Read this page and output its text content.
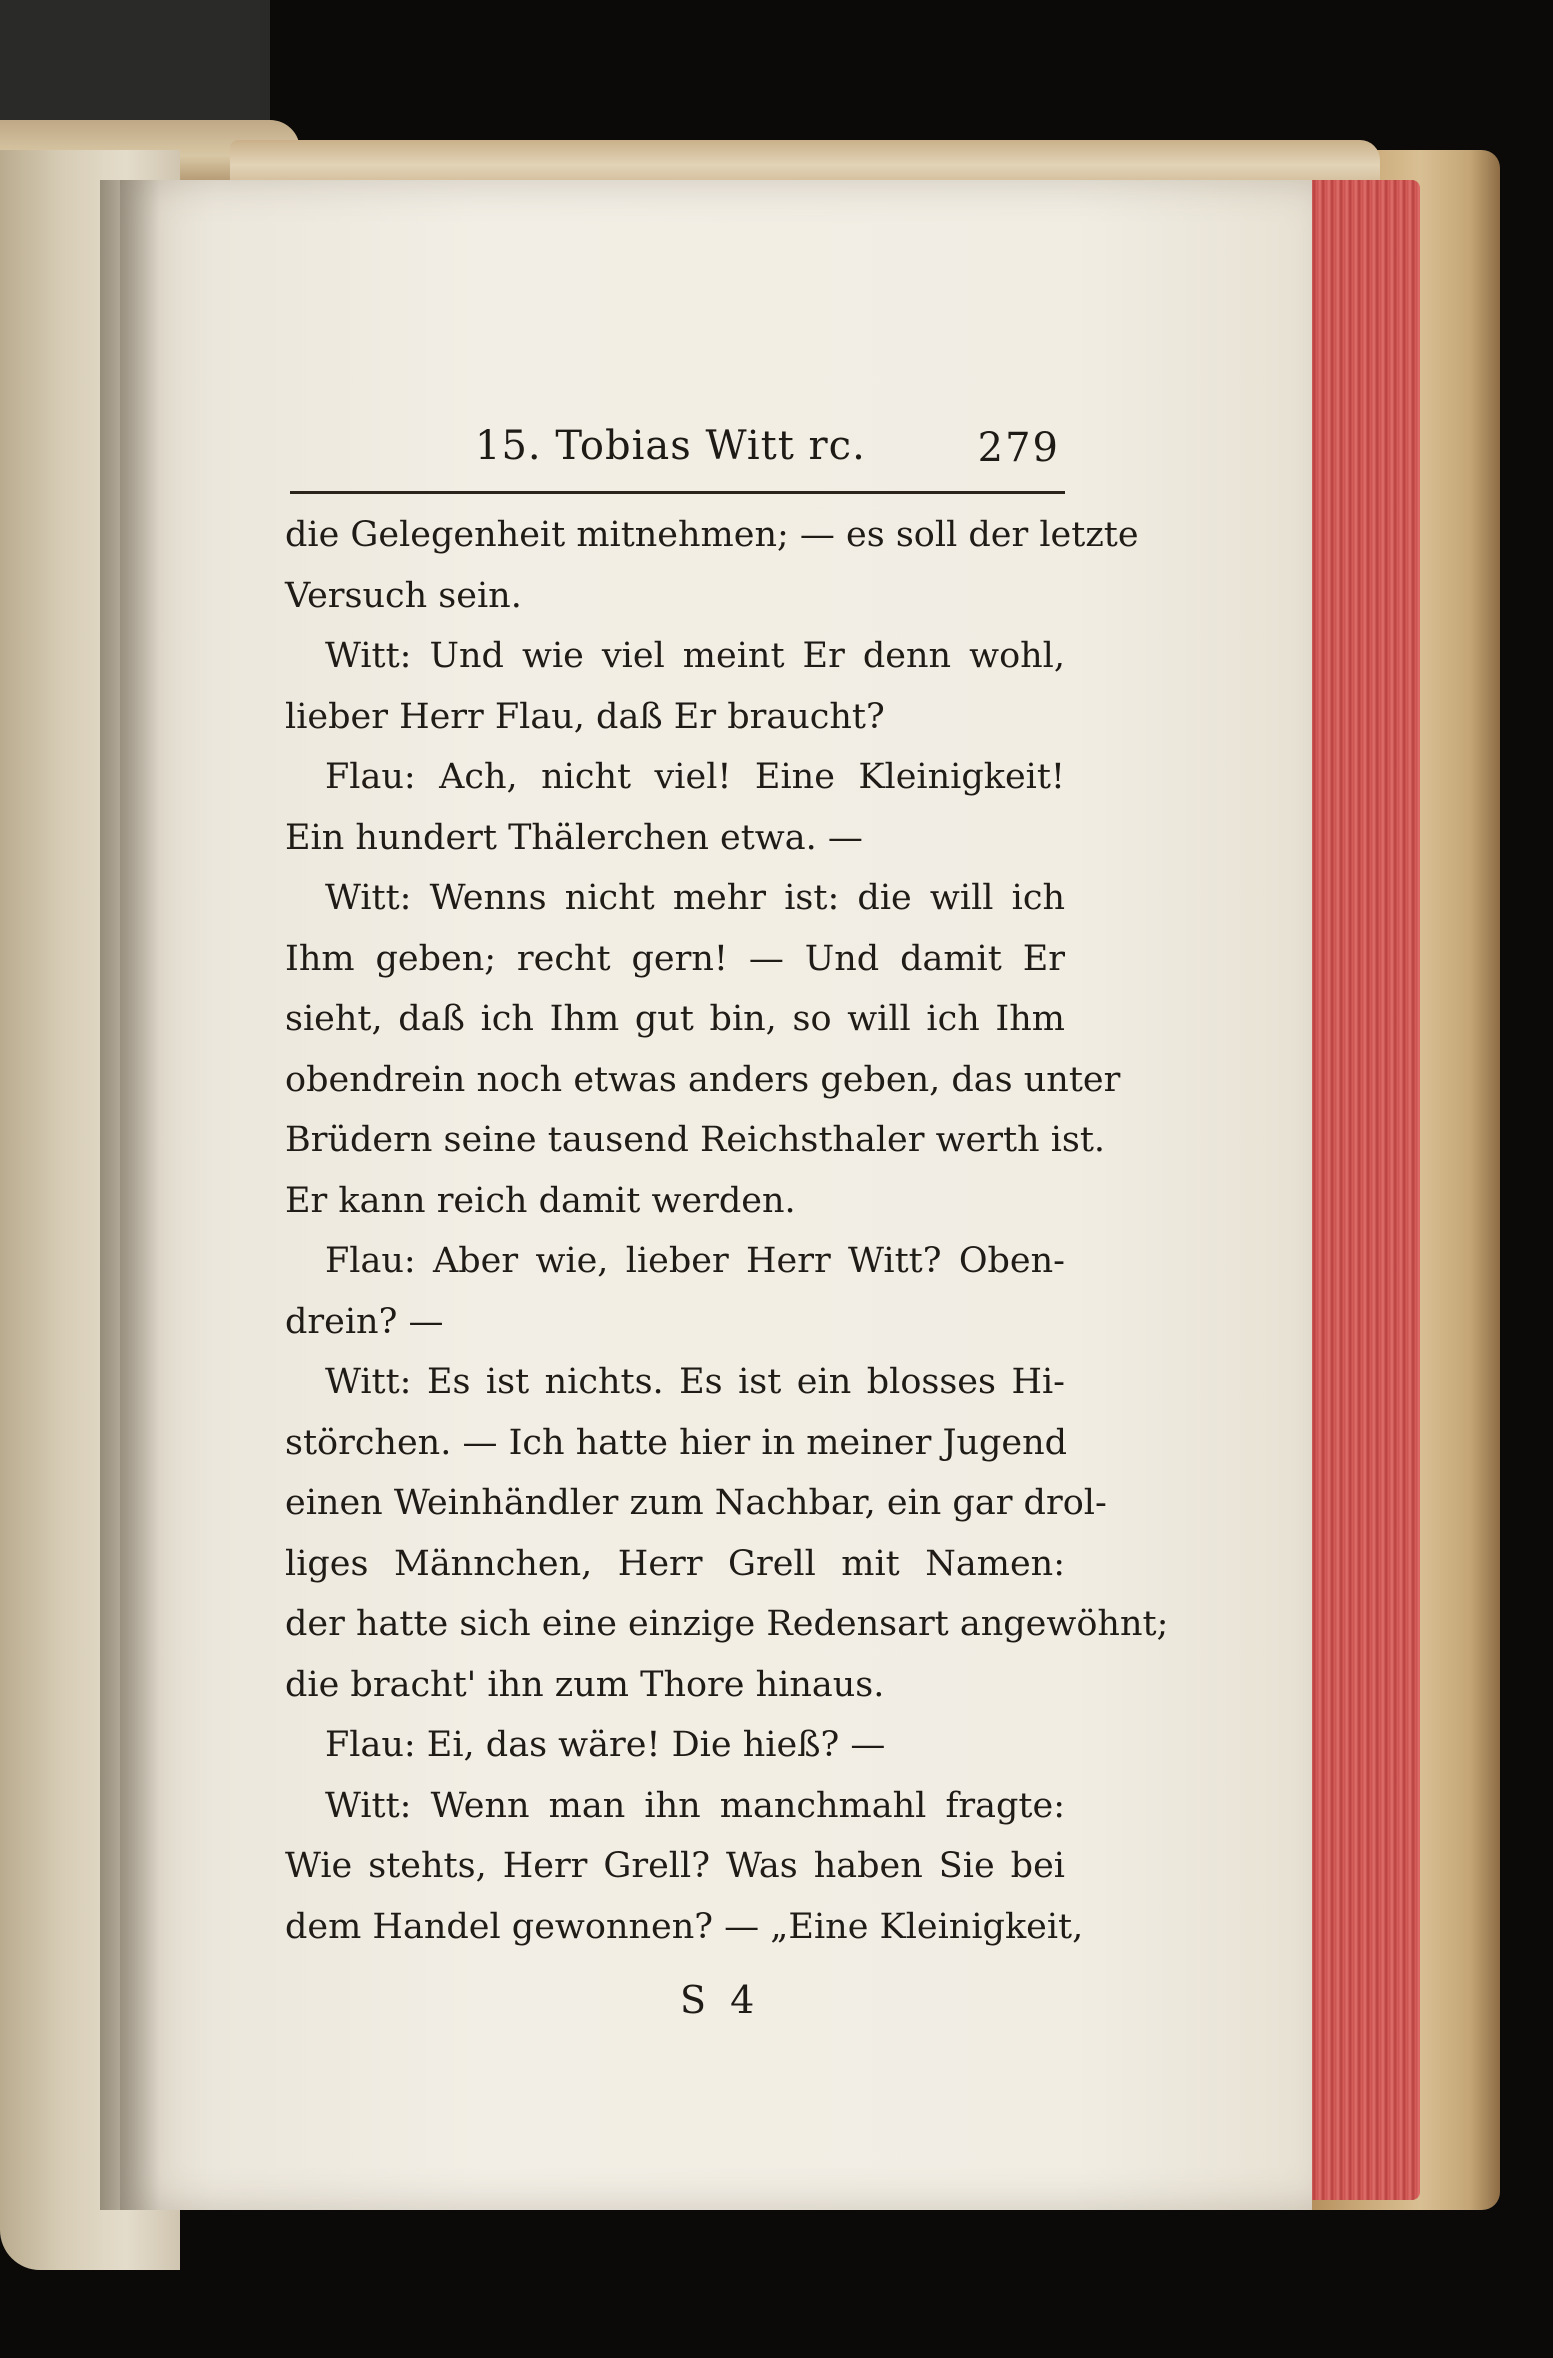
15. Tobias Witt rc.	279
die Gelegenheit mitnehmen; — es soll der letzte
Versuch sein.
Witt: Und wie viel meint Er denn wohl,
lieber Herr Flau, daß Er braucht?
Flau: Ach, nicht viel! Eine Kleinigkeit!
Ein hundert Thälerchen etwa. —
Witt: Wenns nicht mehr ist: die will ich
Ihm geben; recht gern! — Und damit Er
sieht, daß ich Ihm gut bin, so will ich Ihm
obendrein noch etwas anders geben, das unter
Brüdern seine tausend Reichsthaler werth ist.
Er kann reich damit werden.
Flau: Aber wie, lieber Herr Witt? Oben-
drein? —
Witt: Es ist nichts. Es ist ein blosses Hi-
störchen. — Ich hatte hier in meiner Jugend
einen Weinhändler zum Nachbar, ein gar drol-
liges Männchen, Herr Grell mit Namen:
der hatte sich eine einzige Redensart angewöhnt;
die bracht' ihn zum Thore hinaus.
Flau: Ei, das wäre! Die hieß? —
Witt: Wenn man ihn manchmahl fragte:
Wie stehts, Herr Grell? Was haben Sie bei
dem Handel gewonnen? — „Eine Kleinigkeit,
S 4
